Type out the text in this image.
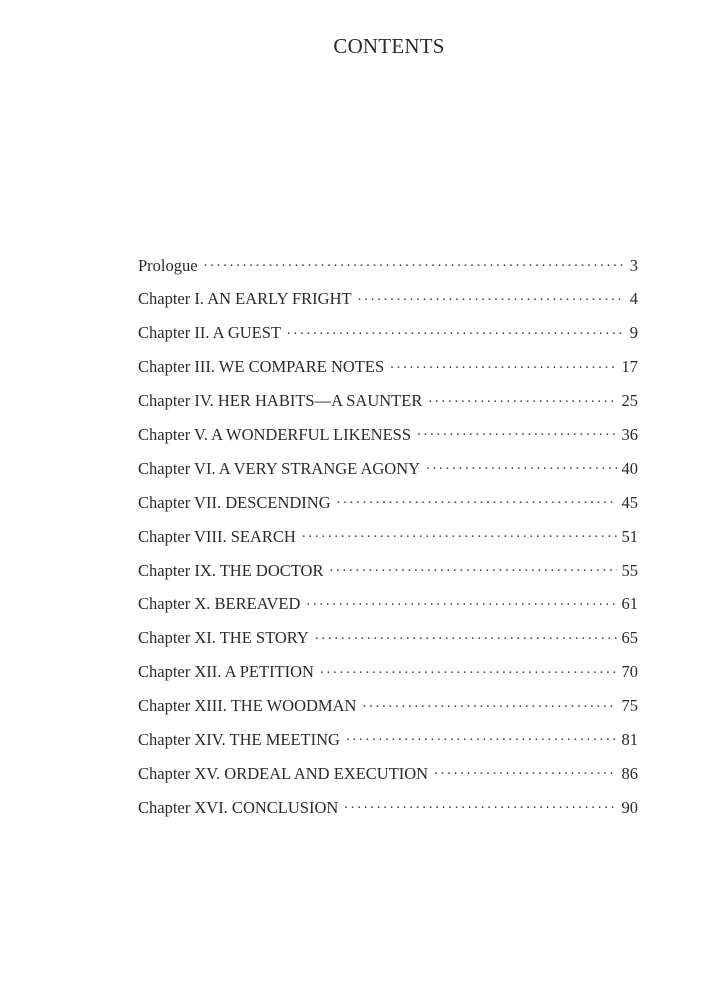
CONTENTS
Prologue . . .	3
Chapter I. AN EARLY FRIGHT . . .	4
Chapter II. A GUEST . . .	9
Chapter III. WE COMPARE NOTES . . .	17
Chapter IV. HER HABITS—A SAUNTER . . .	25
Chapter V. A WONDERFUL LIKENESS . . .	36
Chapter VI. A VERY STRANGE AGONY . . .	40
Chapter VII. DESCENDING . . .	45
Chapter VIII. SEARCH . . .	51
Chapter IX. THE DOCTOR . . .	55
Chapter X. BEREAVED . . .	61
Chapter XI. THE STORY . . .	65
Chapter XII. A PETITION . . .	70
Chapter XIII. THE WOODMAN . . .	75
Chapter XIV. THE MEETING . . .	81
Chapter XV. ORDEAL AND EXECUTION . . .	86
Chapter XVI. CONCLUSION . . .	90
